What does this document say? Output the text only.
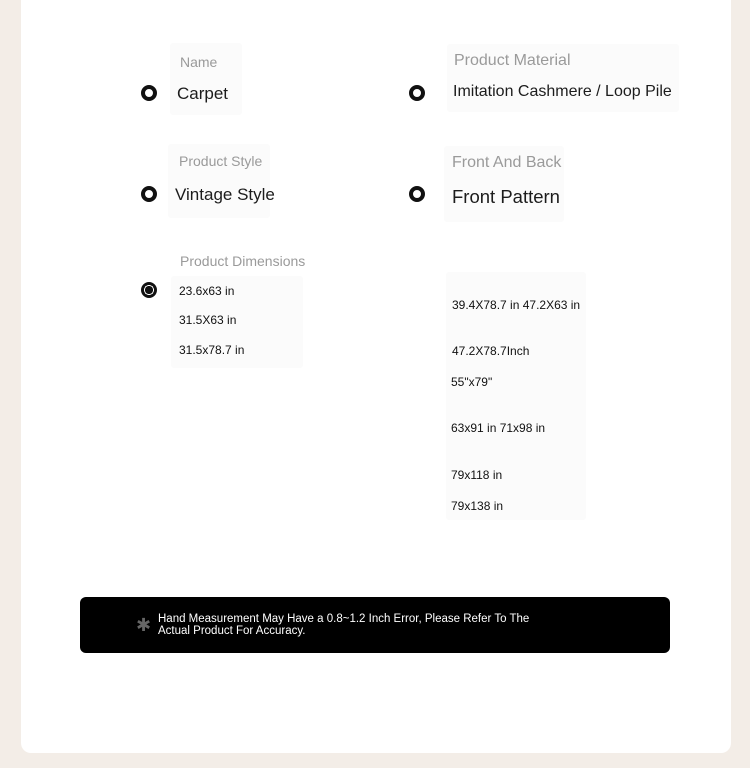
Name
Carpet
Product Material
Imitation Cashmere / Loop Pile
Product Style
Vintage Style
Front And Back
Front Pattern
Product Dimensions
23.6x63 in
31.5X63 in
31.5x78.7 in
39.4X78.7 in 47.2X63 in
47.2X78.7Inch
55"x79"
63x91 in 71x98 in
79x118 in
79x138 in
✱ Hand Measurement May Have a 0.8~1.2 Inch Error, Please Refer To The Actual Product For Accuracy.
